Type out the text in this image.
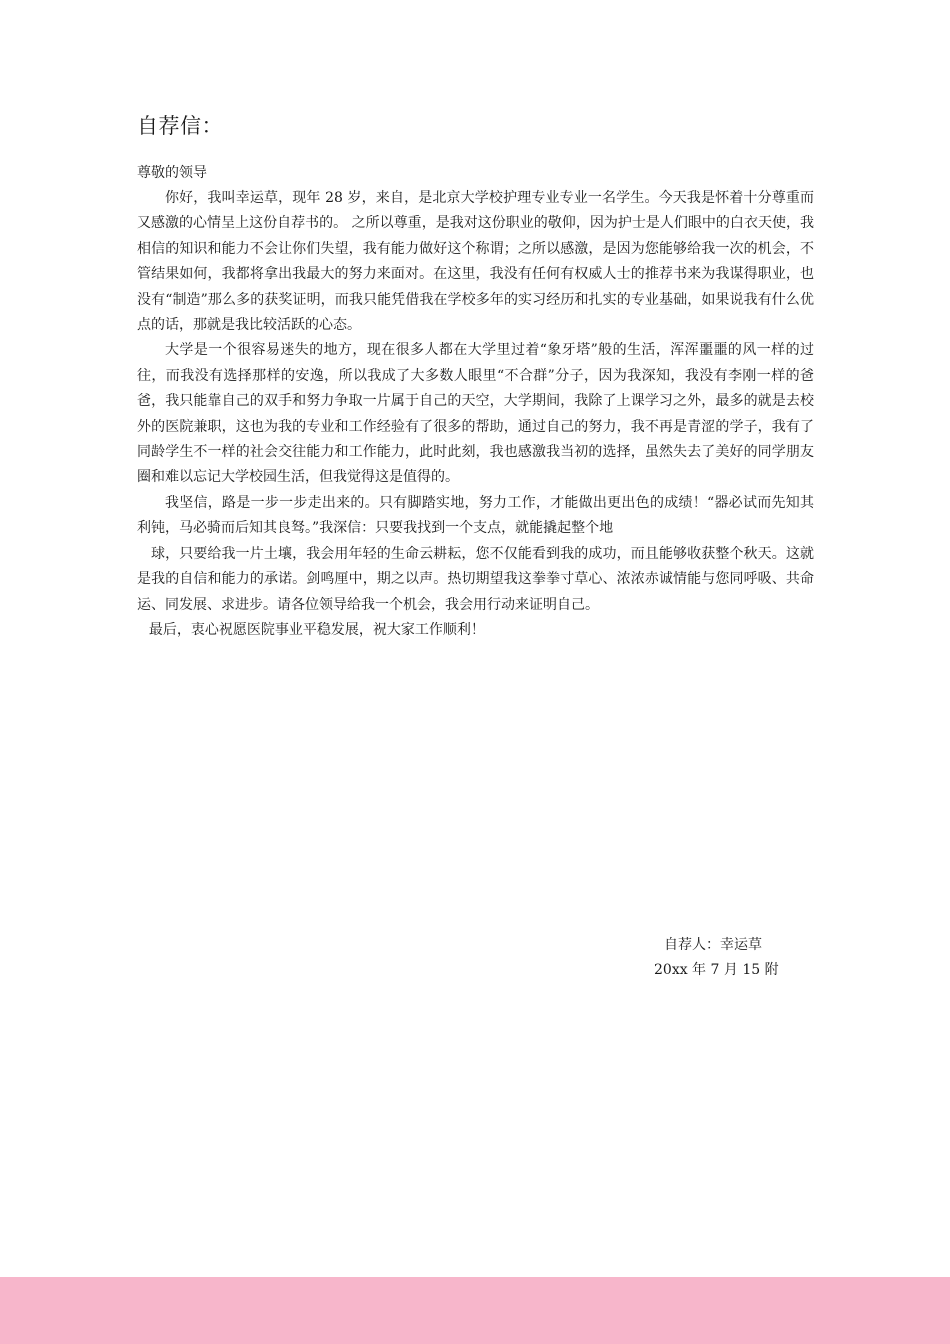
自荐信：
尊敬的领导

你好，我叫幸运草，现年 28 岁，来自，是北京大学校护理专业专业一名学生。今天我是怀着十分尊重而又感激的心情呈上这份自荐书的。 之所以尊重，是我对这份职业的敬仰，因为护士是人们眼中的白衣天使，我相信的知识和能力不会让你们失望，我有能力做好这个称谓；之所以感激，是因为您能够给我一次的机会，不管结果如何，我都将拿出我最大的努力来面对。在这里，我没有任何有权威人士的推荐书来为我谋得职业，也没有“制造”那么多的获奖证明，而我只能凭借我在学校多年的实习经历和扎实的专业基础，如果说我有什么优点的话，那就是我比较活跃的心态。

大学是一个很容易迷失的地方，现在很多人都在大学里过着“象牙塔”般的生活，浑浑噩噩的风一样的过往，而我没有选择那样的安逸，所以我成了大多数人眼里“不合群”分子，因为我深知，我没有李刚一样的爸爸，我只能靠自己的双手和努力争取一片属于自己的天空，大学期间，我除了上课学习之外，最多的就是去校外的医院兼职，这也为我的专业和工作经验有了很多的帮助，通过自己的努力，我不再是青涩的学子，我有了同龄学生不一样的社会交往能力和工作能力，此时此刻，我也感激我当初的选择，虽然失去了美好的同学朋友圈和难以忘记大学校园生活，但我觉得这是值得的。

我坚信，路是一步一步走出来的。只有脚踏实地，努力工作，才能做出更出色的成绩！“器必试而先知其利钝，马必骑而后知其良驽。”我深信：只要我找到一个支点，就能撬起整个地

球，只要给我一片土壤，我会用年轻的生命云耕耘，您不仅能看到我的成功，而且能够收获整个秋天。这就是我的自信和能力的承诺。剑鸣厘中，期之以声。热切期望我这拳拳寸草心、浓浓赤诚情能与您同呼吸、共命运、同发展、求进步。请各位领导给我一个机会，我会用行动来证明自己。

最后，衷心祝愿医院事业平稳发展，祝大家工作顺利！

自荐人：幸运草
20xx 年 7 月 15 附
